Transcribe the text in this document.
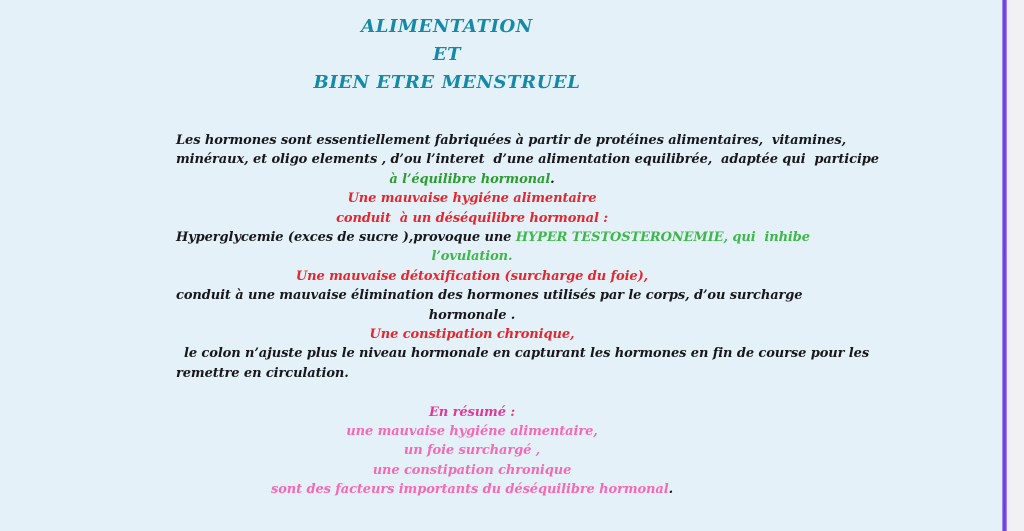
ALIMENTATION
ET
BIEN ETRE MENSTRUEL
Les hormones sont essentiellement fabriquées à partir de protéines alimentaires,  vitamines,
minéraux, et oligo elements , d’ou l’interet  d’une alimentation equilibrée,  adaptée qui  participe
à l’équilibre hormonal.
Une mauvaise hygiéne alimentaire
conduit  à un déséquilibre hormonal :
Hyperglycemie (exces de sucre ),provoque une HYPER TESTOSTERONEMIE, qui  inhibe
l’ovulation.
Une mauvaise détoxification (surcharge du foie),
conduit à une mauvaise élimination des hormones utilisés par le corps, d’ou surcharge
hormonale .
Une constipation chronique,
le colon n’ajuste plus le niveau hormonale en capturant les hormones en fin de course pour les
remettre en circulation.
En résumé :
une mauvaise hygiéne alimentaire,
un foie surchargé ,
une constipation chronique
sont des facteurs importants du déséquilibre hormonal.
